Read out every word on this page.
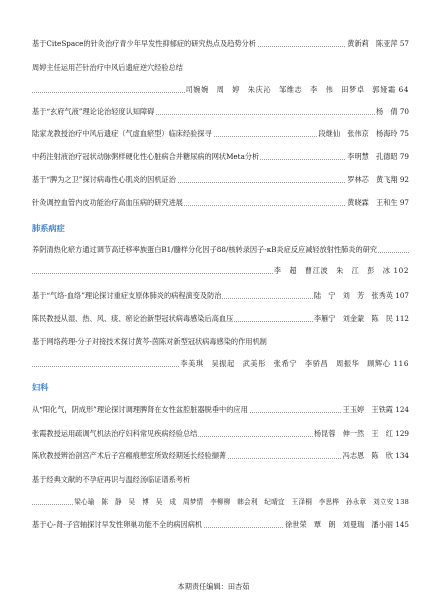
基于CiteSpace的针灸治疗青少年早发性抑郁症的研究热点及趋势分析	黄新莉　陈亚萍 57
周婷主任运用芒针治疗中风后遗症逆穴经验总结
司婉婉　周　婷　朱庆沁　邹维志　李　伟　田梦卓　郭娅霜 64
基于“玄府气液”理论论治轻度认知障碍	杨　倩 70
陆家龙教授治疗中风后遗症（气虚血瘀型）临床经验探寻	段继仙　张伟京　杨海玲 75
中药注射液治疗冠状动脉粥样硬化性心脏病合并糖尿病的网状Meta分析	李明慧　孔德昭 79
基于“脾为之卫”探讨病毒性心肌炎的因机证治	罗林芯　黄飞翔 92
针灸调控血管内皮功能治疗高血压病的研究进展	黄晓霖　王和生 97
肺系病症
养阴清热化瘀方通过调节高迁移率族蛋白B1/髓样分化因子88/核转录因子-κB炎症反应减轻放射性肺炎的研究
李　超　曹江波　朱　江　彭　冰 102
基于“气络-血络”理论探讨重症支原体肺炎的病程演变及防治	陆　宁　刘　芳　张秀英 107
陈民教授从湿、热、风、痰、瘀论治新型冠状病毒感染后高血压	李雁宁　刘金蒙　陈　民 112
基于网络药理-分子对接技术探讨黄芩-茵陈对新型冠状病毒感染的作用机制
李美琪　吴振起　武美彤　张希宁　李骄昌　周振华　顾辉心 116
妇科
从“阳化气，阴成形”理论探讨调理脾肾在女性盆腔脏器脱垂中的应用	王玉婷　王铁霞 124
张霞教授运用疏调气机法治疗妇科常见疾病经验总结	杨昆蓉　伸一然　王　红 129
陈欣教授辨治剖宫产术后子宫瘢痕憩室所致经期延长经验撷菁	冯志恩　陈　欣 134
基于经典文献的不孕症再识与温经汤临证谱系考析
梁心瑜　陈　静　吴　博　吴　成　周梦情　李柳柳　韩会利　纪晴宜　王泽桐　李思桦　孙永章　刘立安 138
基于心-肾-子宫轴探讨早发性卵巢功能不全的病因病机	徐世荣　覃　朗　刘曼瑞　潘小丽 145
本期责任编辑：田杏茹
